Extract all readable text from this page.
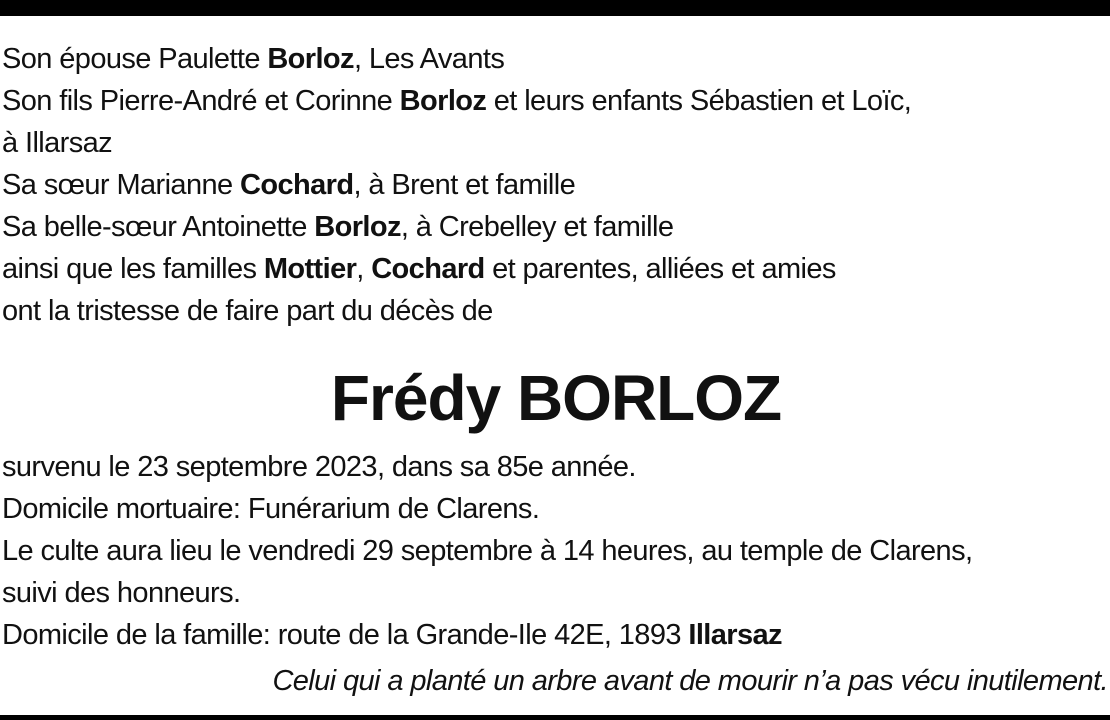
Son épouse Paulette Borloz, Les Avants
Son fils Pierre-André et Corinne Borloz et leurs enfants Sébastien et Loïc,
à Illarsaz
Sa sœur Marianne Cochard, à Brent et famille
Sa belle-sœur Antoinette Borloz, à Crebelley et famille
ainsi que les familles Mottier, Cochard et parentes, alliées et amies
ont la tristesse de faire part du décès de
Frédy BORLOZ
survenu le 23 septembre 2023, dans sa 85e année.
Domicile mortuaire: Funérarium de Clarens.
Le culte aura lieu le vendredi 29 septembre à 14 heures, au temple de Clarens,
suivi des honneurs.
Domicile de la famille: route de la Grande-Ile 42E, 1893 Illarsaz
Celui qui a planté un arbre avant de mourir n’a pas vécu inutilement.
